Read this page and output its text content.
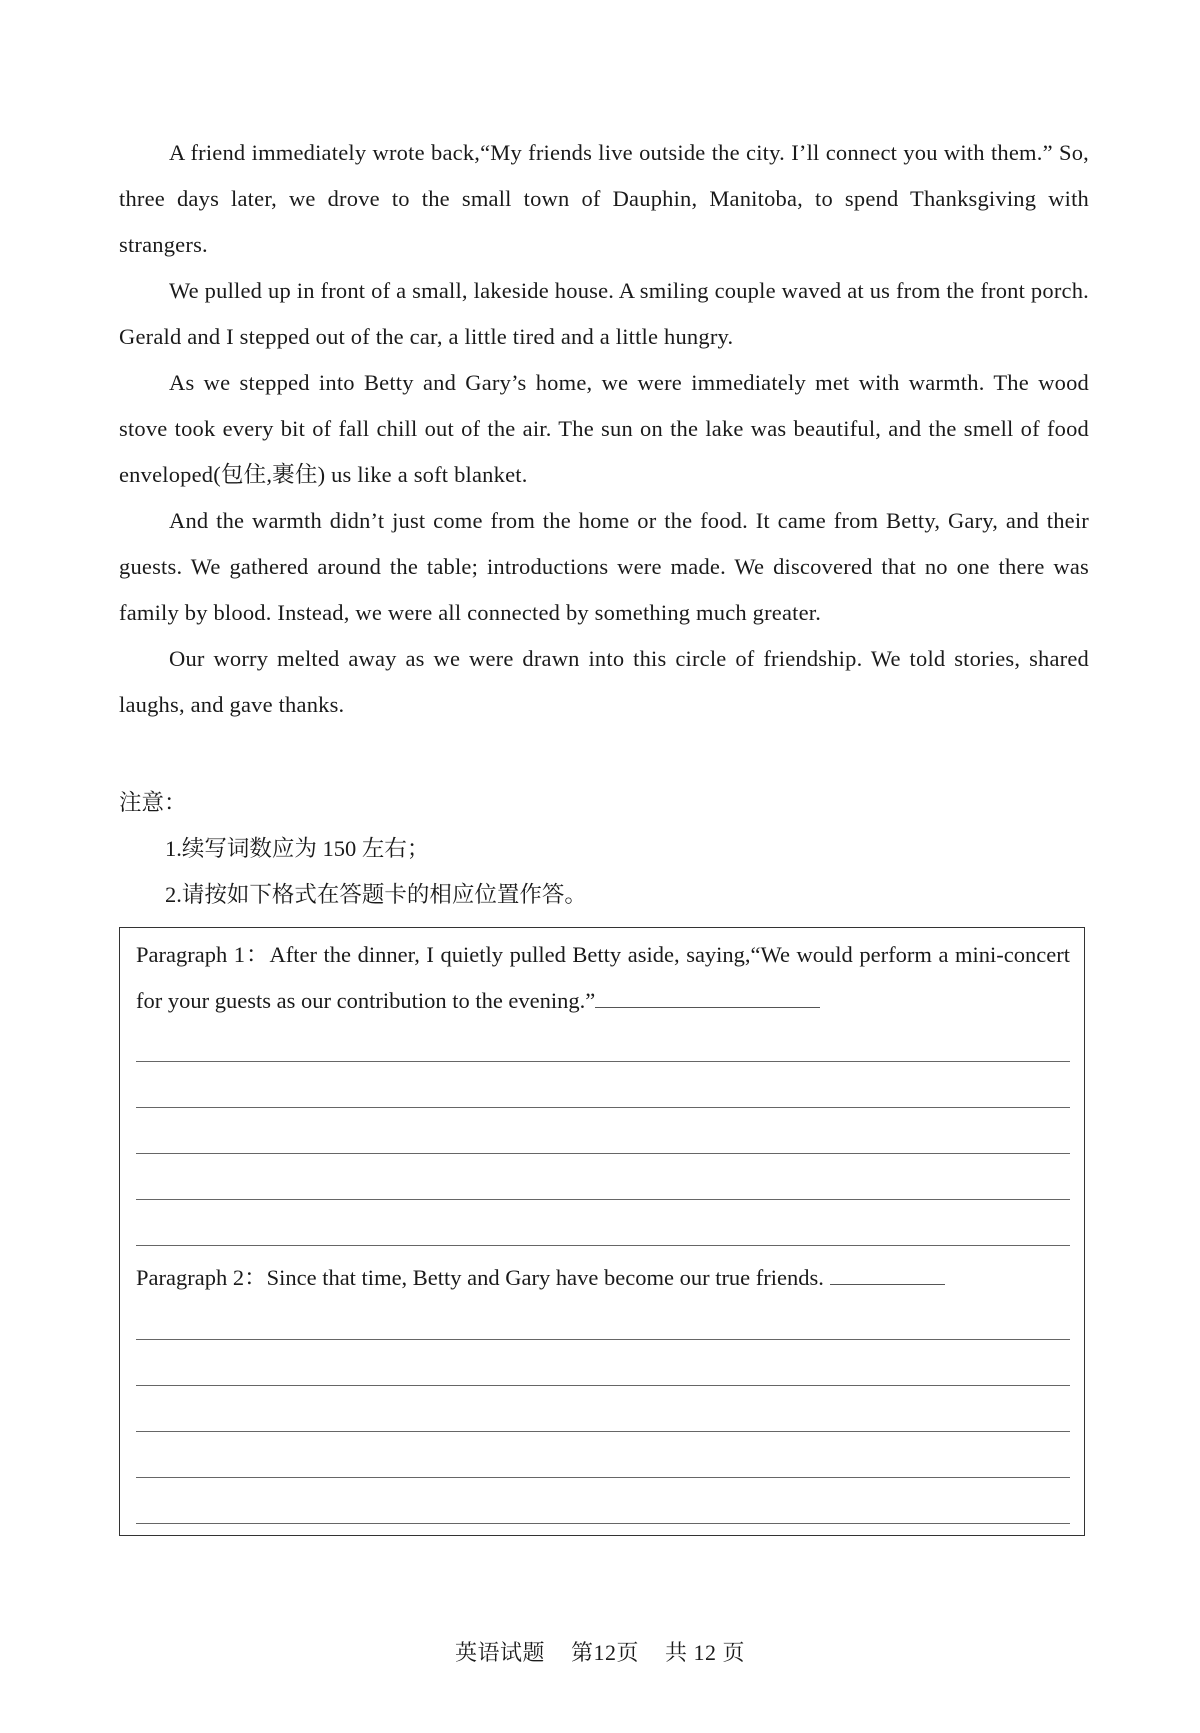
A friend immediately wrote back,“My friends live outside the city. I’ll connect you with them.” So, three days later, we drove to the small town of Dauphin, Manitoba, to spend Thanksgiving with strangers.

We pulled up in front of a small, lakeside house. A smiling couple waved at us from the front porch. Gerald and I stepped out of the car, a little tired and a little hungry.

As we stepped into Betty and Gary’s home, we were immediately met with warmth. The wood stove took every bit of fall chill out of the air. The sun on the lake was beautiful, and the smell of food enveloped(包住,裹住) us like a soft blanket.

And the warmth didn’t just come from the home or the food. It came from Betty, Gary, and their guests. We gathered around the table; introductions were made. We discovered that no one there was family by blood. Instead, we were all connected by something much greater.

Our worry melted away as we were drawn into this circle of friendship. We told stories, shared laughs, and gave thanks.

注意：

1.续写词数应为 150 左右；

2.请按如下格式在答题卡的相应位置作答。

Paragraph 1：After the dinner, I quietly pulled Betty aside, saying,“We would perform a mini-concert for your guests as our contribution to the evening.”
Paragraph 2：Since that time, Betty and Gary have become our true friends.
英语试题 第12页 共 12 页
